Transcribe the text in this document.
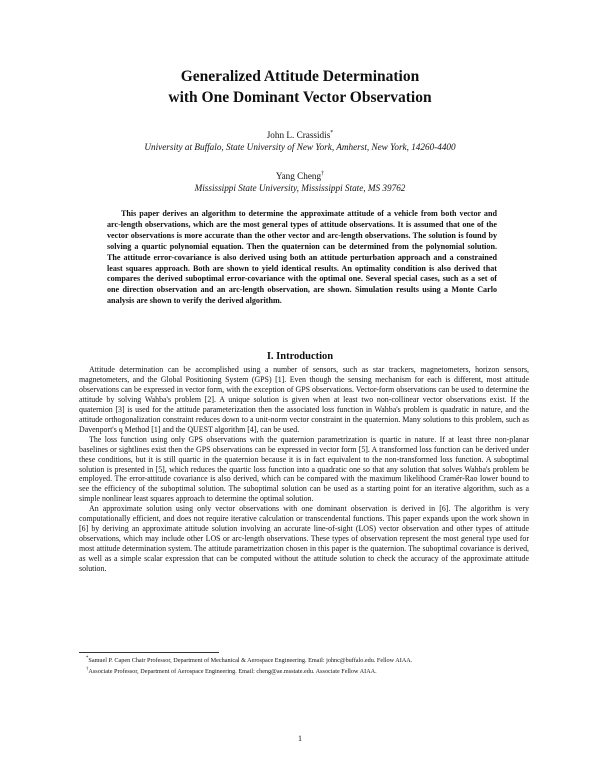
Generalized Attitude Determination
with One Dominant Vector Observation
John L. Crassidis*
University at Buffalo, State University of New York, Amherst, New York, 14260-4400
Yang Cheng†
Mississippi State University, Mississippi State, MS 39762
This paper derives an algorithm to determine the approximate attitude of a vehicle from both vector and arc-length observations, which are the most general types of attitude observations. It is assumed that one of the vector observations is more accurate than the other vector and arc-length observations. The solution is found by solving a quartic polynomial equation. Then the quaternion can be determined from the polynomial solution. The attitude error-covariance is also derived using both an attitude perturbation approach and a constrained least squares approach. Both are shown to yield identical results. An optimality condition is also derived that compares the derived suboptimal error-covariance with the optimal one. Several special cases, such as a set of one direction observation and an arc-length observation, are shown. Simulation results using a Monte Carlo analysis are shown to verify the derived algorithm.
I. Introduction

Attitude determination can be accomplished using a number of sensors, such as star trackers, magnetometers, horizon sensors, magnetometers, and the Global Positioning System (GPS) [1]. Even though the sensing mechanism for each is different, most attitude observations can be expressed in vector form, with the exception of GPS observations. Vector-form observations can be used to determine the attitude by solving Wahba's problem [2]. A unique solution is given when at least two non-collinear vector observations exist. If the quaternion [3] is used for the attitude parameterization then the associated loss function in Wahba's problem is quadratic in nature, and the attitude orthogonalization constraint reduces down to a unit-norm vector constraint in the quaternion. Many solutions to this problem, such as Davenport's q Method [1] and the QUEST algorithm [4], can be used.

The loss function using only GPS observations with the quaternion parametrization is quartic in nature. If at least three non-planar baselines or sightlines exist then the GPS observations can be expressed in vector form [5]. A transformed loss function can be derived under these conditions, but it is still quartic in the quaternion because it is in fact equivalent to the non-transformed loss function. A suboptimal solution is presented in [5], which reduces the quartic loss function into a quadratic one so that any solution that solves Wahba's problem be employed. The error-attitude covariance is also derived, which can be compared with the maximum likelihood Cramér-Rao lower bound to see the efficiency of the suboptimal solution. The suboptimal solution can be used as a starting point for an iterative algorithm, such as a simple nonlinear least squares approach to determine the optimal solution.

An approximate solution using only vector observations with one dominant observation is derived in [6]. The algorithm is very computationally efficient, and does not require iterative calculation or transcendental functions. This paper expands upon the work shown in [6] by deriving an approximate attitude solution involving an accurate line-of-sight (LOS) vector observation and other types of attitude observations, which may include other LOS or arc-length observations. These types of observation represent the most general type used for most attitude determination system. The attitude parametrization chosen in this paper is the quaternion. The suboptimal covariance is derived, as well as a simple scalar expression that can be computed without the attitude solution to check the accuracy of the approximate attitude solution.

*Samuel P. Capen Chair Professor, Department of Mechanical & Aerospace Engineering. Email: johnc@buffalo.edu. Fellow AIAA.
†Associate Professor, Department of Aerospace Engineering. Email: cheng@ae.msstate.edu. Associate Fellow AIAA.
1
